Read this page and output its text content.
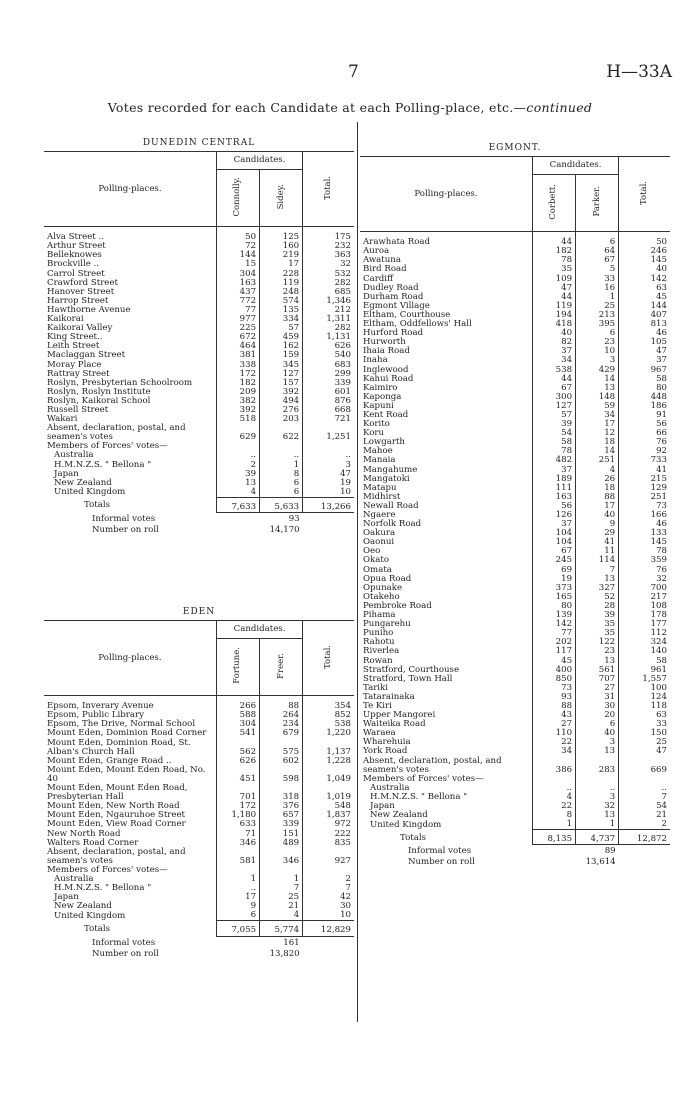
7	H—33A
Votes recorded for each Candidate at each Polling-place, etc.—continued
DUNEDIN CENTRAL			
Polling-places.	Candidates.		Total.
	Connolly.	Sidey.	

Alva Street ..	50	125	175
Arthur Street	72	160	232
Belleknowes	144	219	363
Brockville ..	15	17	32
Carrol Street	304	228	532
Crawford Street	163	119	282
Hanover Street	437	248	685
Harrop Street	772	574	1,346
Hawthorne Avenue	77	135	212
Kaikorai	977	334	1,311
Kaikorai Valley	225	57	282
King Street..	672	459	1,131
Leith Street	464	162	626
Maclaggan Street	381	159	540
Moray Place	338	345	683
Rattray Street	172	127	299
Roslyn, Presbyterian Schoolroom	182	157	339
Roslyn, Roslyn Institute	209	392	601
Roslyn, Kaikorai School	382	494	876
Russell Street	392	276	668
Wakari	518	203	721
Absent, declaration, postal, and seamen's votes	629	622	1,251
Members of Forces' votes—			
Australia	..	..	..
H.M.N.Z.S. " Bellona "	2	1	3
Japan	39	8	47
New Zealand	13	6	19
United Kingdom	4	6	10
Totals	7,633	5,633	13,266
Informal votes	93		
Number on roll	14,170		
EDEN			
Polling-places.	Candidates.		Total.
	Fortune.	Freer.	

Epsom, Inverary Avenue	266	88	354
Epsom, Public Library	588	264	852
Epsom, The Drive, Normal School	304	234	538
Mount Eden, Dominion Road Corner	541	679	1,220
Mount Eden, Dominion Road, St. Alban's Church Hall	562	575	1,137
Mount Eden, Grange Road ..	626	602	1,228
Mount Eden, Mount Eden Road, No. 40	451	598	1,049
Mount Eden, Mount Eden Road, Presbyterian Hall	701	318	1,019
Mount Eden, New North Road	172	376	548
Mount Eden, Ngauruhoe Street	1,180	657	1,837
Mount Eden, View Road Corner	633	339	972
New North Road	71	151	222
Walters Road Corner	346	489	835
Absent, declaration, postal, and seamen's votes	581	346	927
Members of Forces' votes—			
Australia	1	1	2
H.M.N.Z.S. " Bellona "	..	7	7
Japan	17	25	42
New Zealand	9	21	30
United Kingdom	6	4	10
Totals	7,055	5,774	12,829
Informal votes	161		
Number on roll	13,820		
EGMONT.			
Polling-places.	Candidates.		Total.
	Corbett.	Parker.	

Arawhata Road	44	6	50
Auroa	182	64	246
Awatuna	78	67	145
Bird Road	35	5	40
Cardiff	109	33	142
Dudley Road	47	16	63
Durham Road	44	1	45
Egmont Village	119	25	144
Eltham, Courthouse	194	213	407
Eltham, Oddfellows' Hall	418	395	813
Hurford Road	40	6	46
Hurworth	82	23	105
Ihaia Road	37	10	47
Inaha	34	3	37
Inglewood	538	429	967
Kahui Road	44	14	58
Kaimiro	67	13	80
Kaponga	300	148	448
Kapuni	127	59	186
Kent Road	57	34	91
Korito	39	17	56
Koru	54	12	66
Lowgarth	58	18	76
Mahoe	78	14	92
Manaia	482	251	733
Mangahume	37	4	41
Mangatoki	189	26	215
Matapu	111	18	129
Midhirst	163	88	251
Newall Road	56	17	73
Ngaere	126	40	166
Norfolk Road	37	9	46
Oakura	104	29	133
Oaonui	104	41	145
Oeo	67	11	78
Okato	245	114	359
Omata	69	7	76
Opua Road	19	13	32
Opunake	373	327	700
Otakeho	165	52	217
Pembroke Road	80	28	108
Pihama	139	39	178
Pungarehu	142	35	177
Puniho	77	35	112
Rahotu	202	122	324
Riverlea	117	23	140
Rowan	45	13	58
Stratford, Courthouse	400	561	961
Stratford, Town Hall	850	707	1,557
Tariki	73	27	100
Tatarainaka	93	31	124
Te Kiri	88	30	118
Upper Mangorei	43	20	63
Waiteika Road	27	6	33
Waraea	110	40	150
Wharehuia	22	3	25
York Road	34	13	47
Absent, declaration, postal, and seamen's votes	386	283	669
Members of Forces' votes—			
Australia	..	..	..
H.M.N.Z.S. " Bellona "	4	3	7
Japan	22	32	54
New Zealand	8	13	21
United Kingdom	1	1	2
Totals	8,135	4,737	12,872
Informal votes	89		
Number on roll	13,614		
